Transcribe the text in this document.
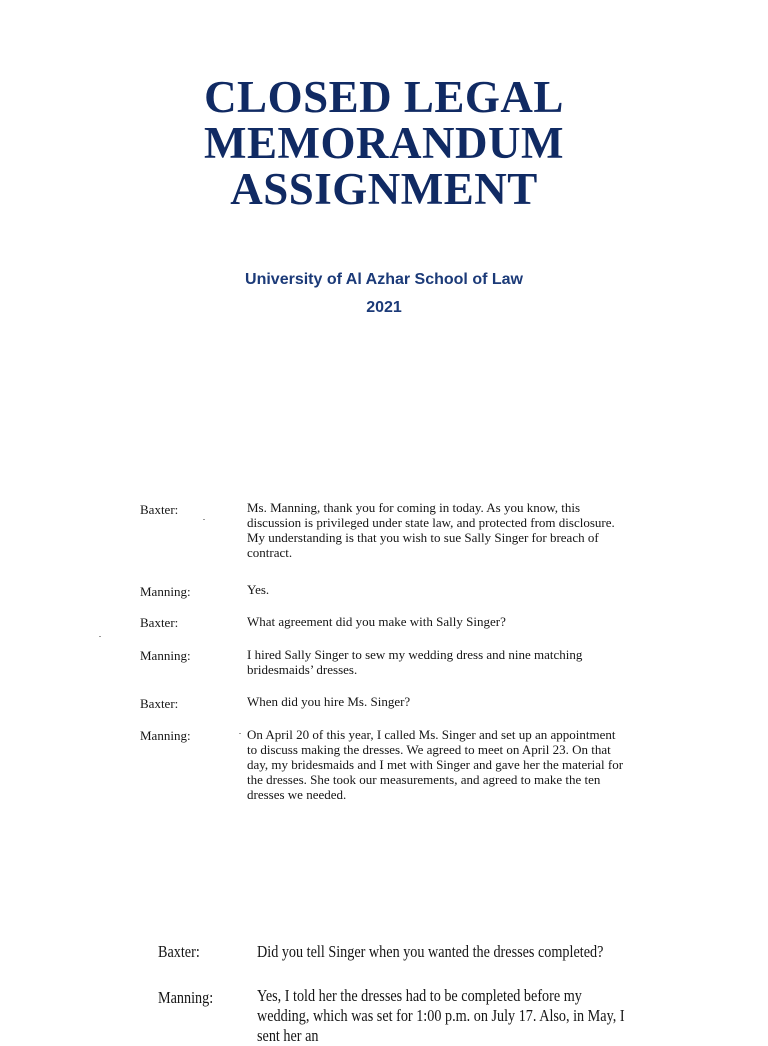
CLOSED LEGAL
MEMORANDUM
ASSIGNMENT
University of Al Azhar School of Law
2021
Baxter:	Ms. Manning, thank you for coming in today. As you know, this discussion is privileged under state law, and protected from disclosure. My understanding is that you wish to sue Sally Singer for breach of contract.
Manning:	Yes.
Baxter:	What agreement did you make with Sally Singer?
Manning:	I hired Sally Singer to sew my wedding dress and nine matching bridesmaids’ dresses.
Baxter:	When did you hire Ms. Singer?
Manning:	On April 20 of this year, I called Ms. Singer and set up an appointment to discuss making the dresses. We agreed to meet on April 23. On that day, my bridesmaids and I met with Singer and gave her the material for the dresses. She took our measurements, and agreed to make the ten dresses we needed.
Baxter:	Did you tell Singer when you wanted the dresses completed?
Manning:	Yes, I told her the dresses had to be completed before my wedding, which was set for 1:00 p.m. on July 17. Also, in May, I sent her an
